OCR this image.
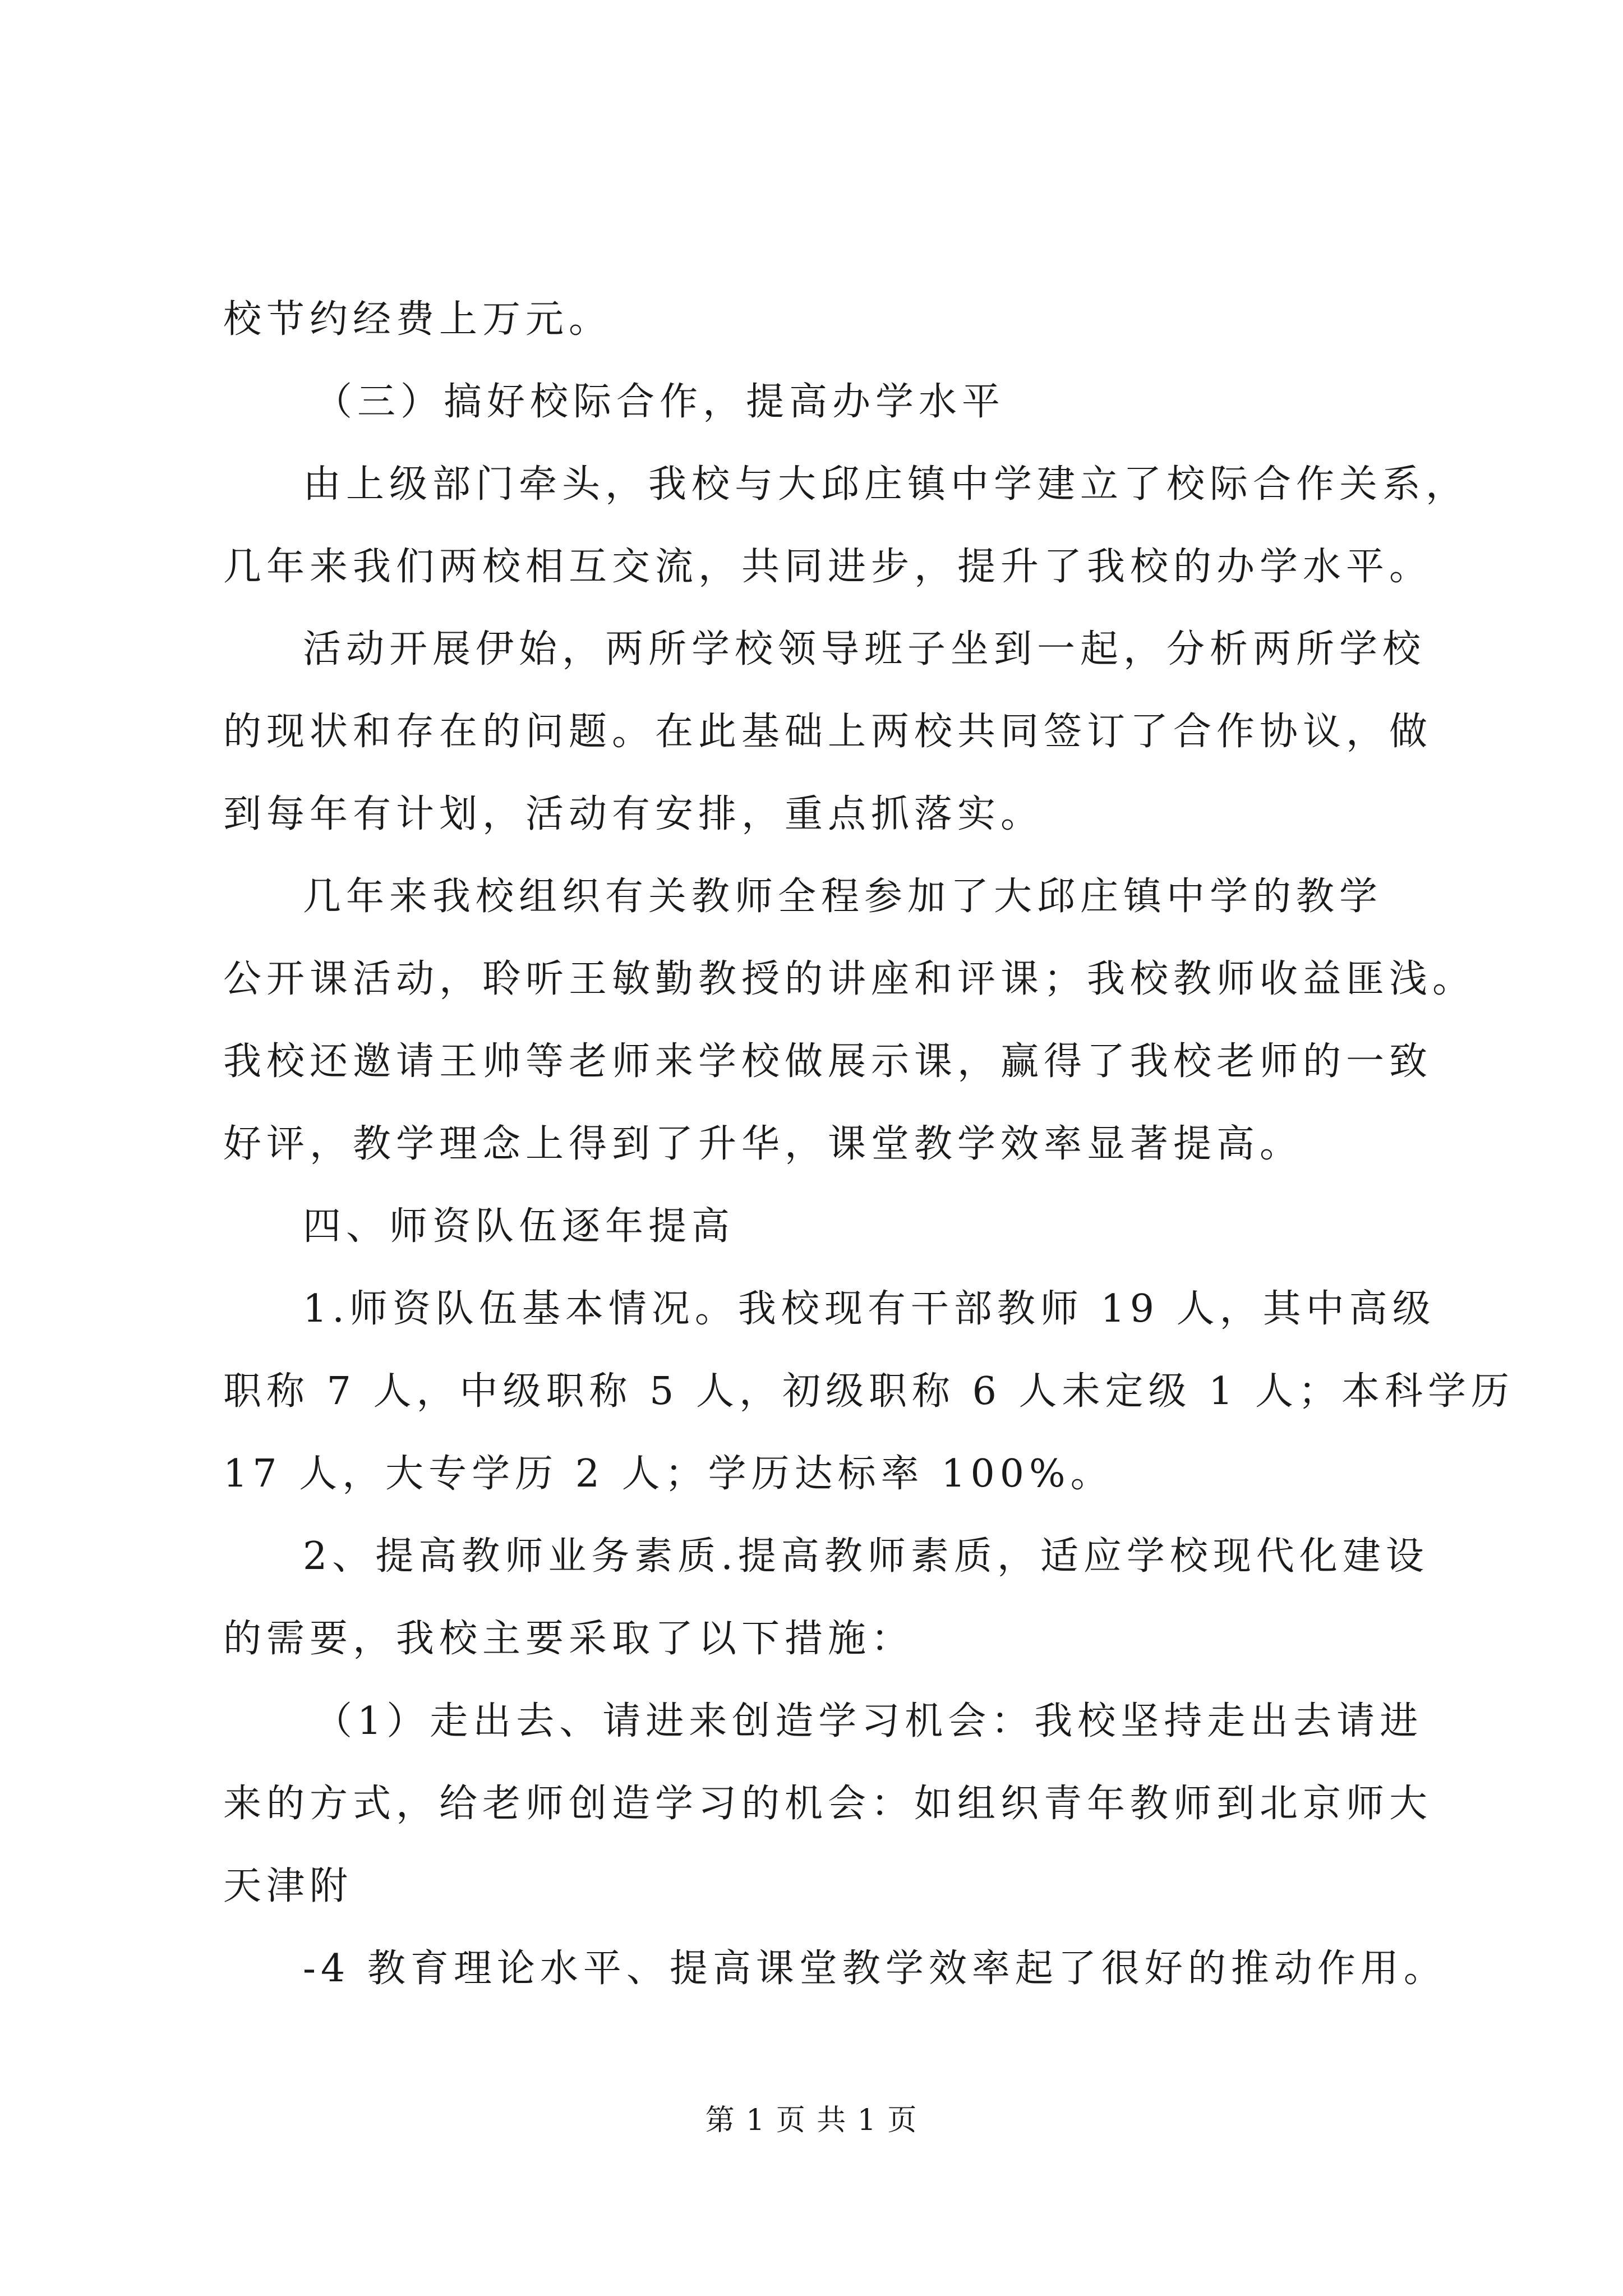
校节约经费上万元。
（三）搞好校际合作，提高办学水平
由上级部门牵头，我校与大邱庄镇中学建立了校际合作关系，
几年来我们两校相互交流，共同进步，提升了我校的办学水平。
活动开展伊始，两所学校领导班子坐到一起，分析两所学校
的现状和存在的问题。在此基础上两校共同签订了合作协议，做
到每年有计划，活动有安排，重点抓落实。
几年来我校组织有关教师全程参加了大邱庄镇中学的教学
公开课活动，聆听王敏勤教授的讲座和评课；我校教师收益匪浅。
我校还邀请王帅等老师来学校做展示课，赢得了我校老师的一致
好评，教学理念上得到了升华，课堂教学效率显著提高。
四、师资队伍逐年提高
1.师资队伍基本情况。我校现有干部教师 19 人，其中高级
职称 7 人，中级职称 5 人，初级职称 6 人未定级 1 人；本科学历
17 人，大专学历 2 人；学历达标率 100%。
2、提高教师业务素质.提高教师素质，适应学校现代化建设
的需要，我校主要采取了以下措施：
（1）走出去、请进来创造学习机会：我校坚持走出去请进
来的方式，给老师创造学习的机会：如组织青年教师到北京师大
天津附
-4 教育理论水平、提高课堂教学效率起了很好的推动作用。
第 1 页 共 1 页
